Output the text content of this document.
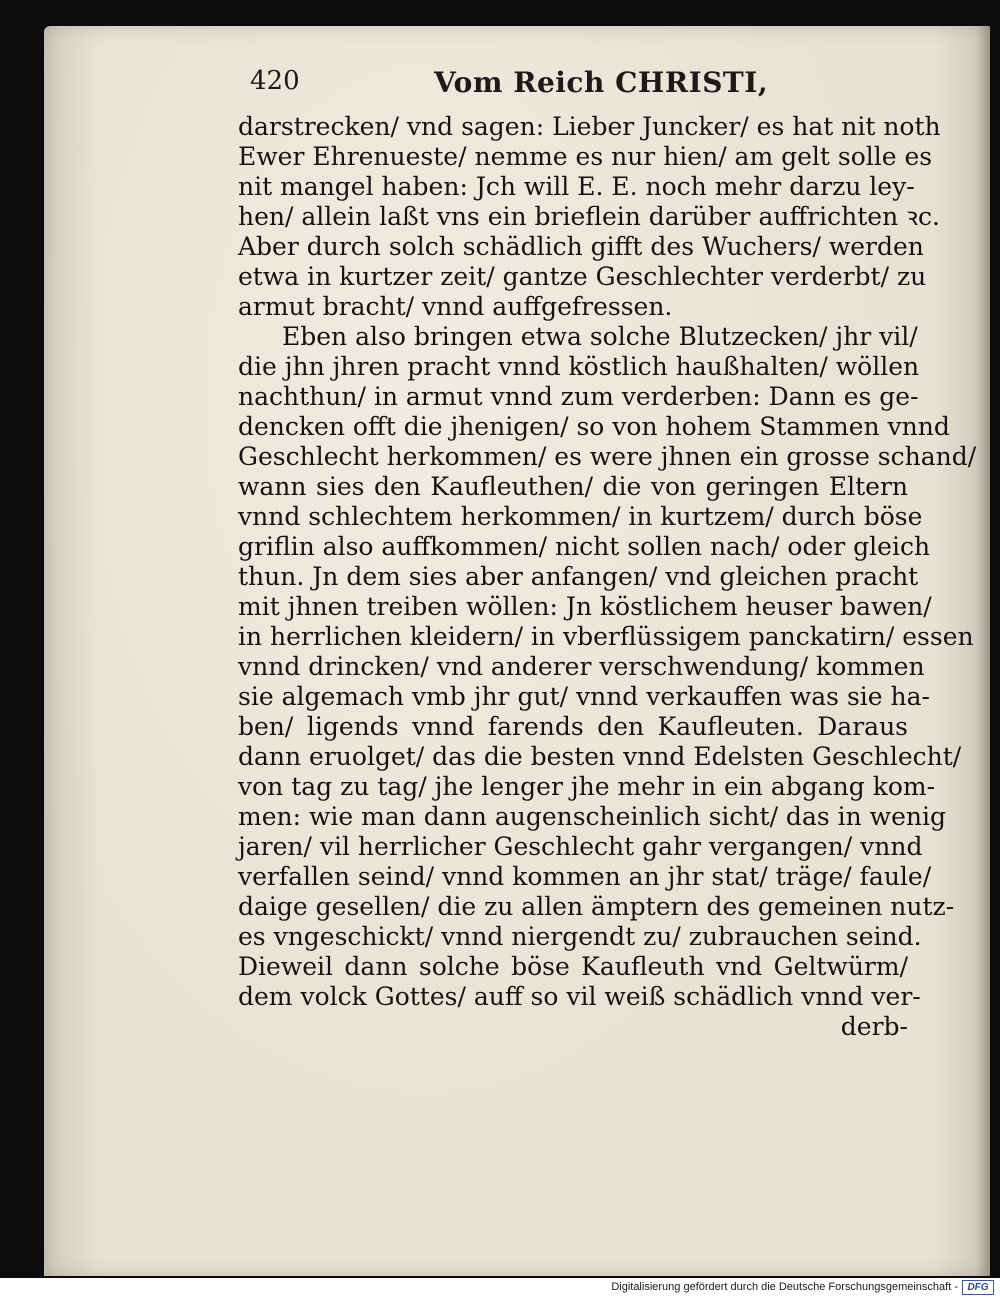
420	Vom Reich CHRISTI,
darstrecken/ vnd sagen: Lieber Juncker/ es hat nit noth
Ewer Ehrenueste/ nemme es nur hien/ am gelt solle es
nit mangel haben: Jch will E. E. noch mehr darzu ley-
hen/ allein laßt vns ein brieflein darüber auffrichten ꝛc.
Aber durch solch schädlich gifft des Wuchers/ werden
etwa in kurtzer zeit/ gantze Geschlechter verderbt/ zu
armut bracht/ vnnd auffgefressen.
Eben also bringen etwa solche Blutzecken/ jhr vil/
die jhn jhren pracht vnnd köstlich haußhalten/ wöllen
nachthun/ in armut vnnd zum verderben: Dann es ge-
dencken offt die jhenigen/ so von hohem Stammen vnnd
Geschlecht herkommen/ es were jhnen ein grosse schand/
wann sies den Kaufleuthen/ die von geringen Eltern
vnnd schlechtem herkommen/ in kurtzem/ durch böse
griflin also auffkommen/ nicht sollen nach/ oder gleich
thun. Jn dem sies aber anfangen/ vnd gleichen pracht
mit jhnen treiben wöllen: Jn köstlichem heuser bawen/
in herrlichen kleidern/ in vberflüssigem panckatirn/ essen
vnnd drincken/ vnd anderer verschwendung/ kommen
sie algemach vmb jhr gut/ vnnd verkauffen was sie ha-
ben/ ligends vnnd farends den Kaufleuten. Daraus
dann eruolget/ das die besten vnnd Edelsten Geschlecht/
von tag zu tag/ jhe lenger jhe mehr in ein abgang kom-
men: wie man dann augenscheinlich sicht/ das in wenig
jaren/ vil herrlicher Geschlecht gahr vergangen/ vnnd
verfallen seind/ vnnd kommen an jhr stat/ träge/ faule/
daige gesellen/ die zu allen ämptern des gemeinen nutz-
es vngeschickt/ vnnd niergendt zu/ zubrauchen seind.
Dieweil dann solche böse Kaufleuth vnd Geltwürm/
dem volck Gottes/ auff so vil weiß schädlich vnnd ver-
derb-
Digitalisierung gefördert durch die Deutsche Forschungsgemeinschaft - DFG
